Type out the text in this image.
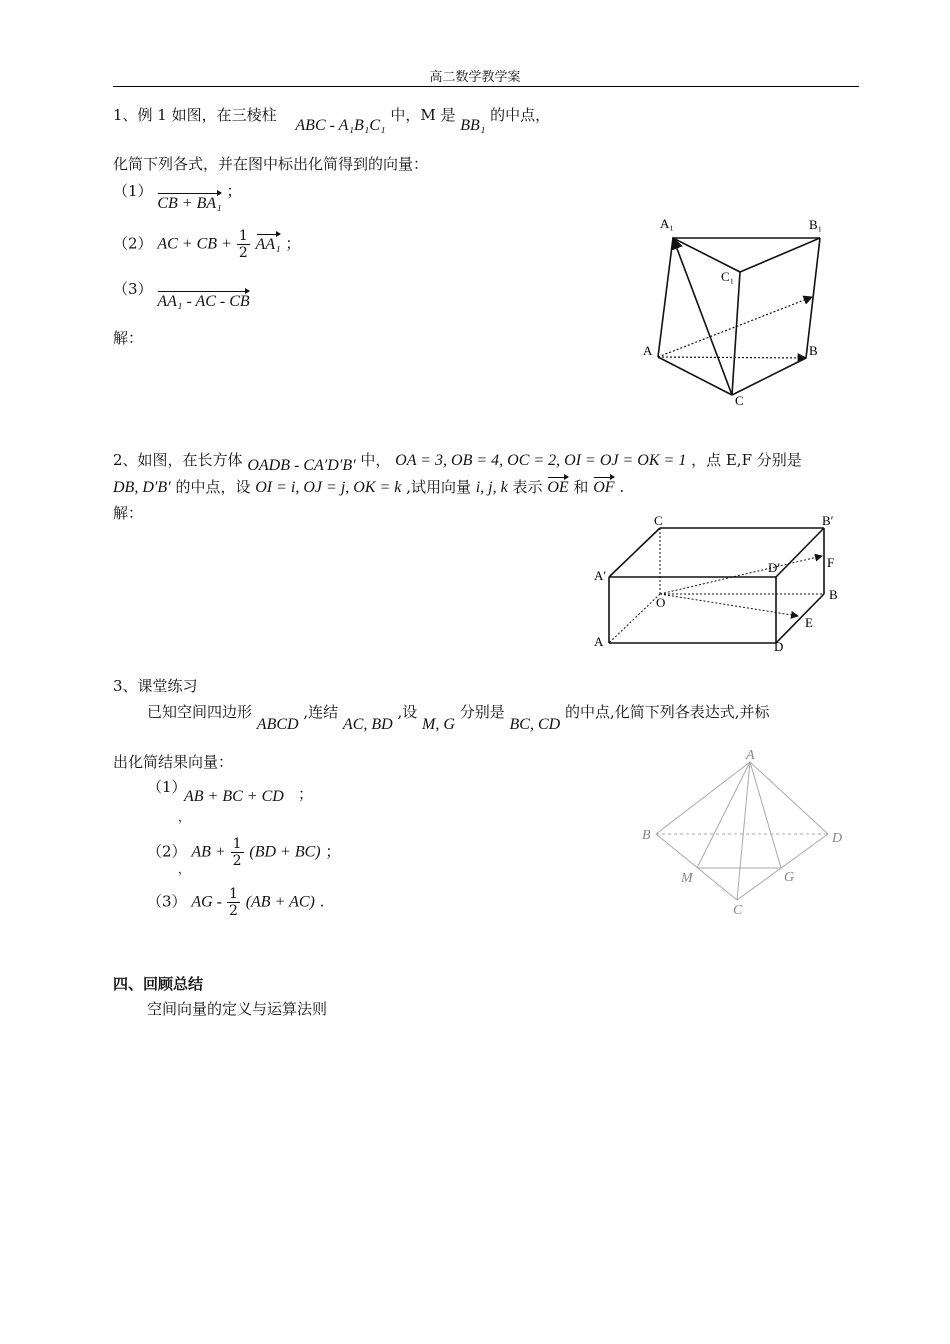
高二数学教学案
1、例 1 如图，在三棱柱 ABC - A₁B₁C₁ 中，M 是 BB₁ 的中点，
化简下列各式，并在图中标出化简得到的向量：
（1） CB + BA₁ ；
（2） AC + CB + $\frac{1}{2} AA_1$ ；
（3） AA₁ - AC - CB
解：
A₁	B₁
C₁
A	B
C
2、如图，在长方体 OADB - CA′D′B′ 中， OA = 3, OB = 4, OC = 2, OI = OJ = OK = 1 ，点 E,F 分别是
DB, D′B′ 的中点，设 OI = i, OJ = j, OK = k ,试用向量 i, j, k 表示 OE 和 OF .
解：	C	B′
A′
D′	F
O
B
E
A	D
3、课堂练习
已知空间四边形 ABCD ,连结 AC, BD ,设 M, G 分别是 BC, CD 的中点,化简下列各表达式,并标
出化简结果向量：
（1）
AB + BC + CD ；
，
（2） AB + $\frac{1}{2} (BD + BC)$ ；
，
（3） AG - $\frac{1}{2} (AB + AC)$ .
A
B	D
M	G
C
四、回顾总结
空间向量的定义与运算法则
